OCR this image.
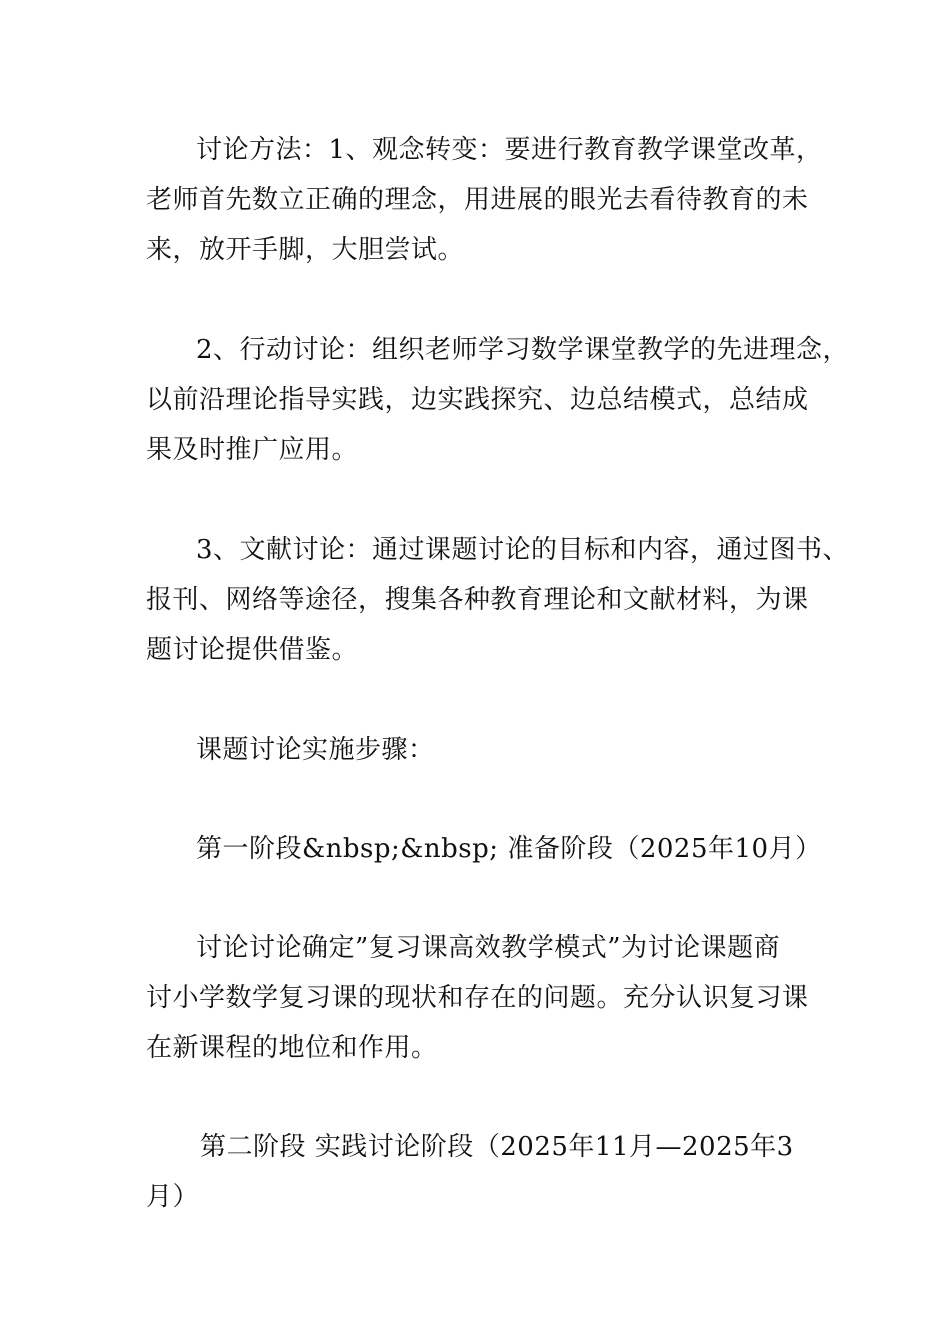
讨论方法：1、观念转变：要进行教育教学课堂改革，
老师首先数立正确的理念，用进展的眼光去看待教育的未
来，放开手脚，大胆尝试。
2、行动讨论：组织老师学习数学课堂教学的先进理念，
以前沿理论指导实践，边实践探究、边总结模式，总结成
果及时推广应用。
3、文献讨论：通过课题讨论的目标和内容，通过图书、
报刊、网络等途径，搜集各种教育理论和文献材料，为课
题讨论提供借鉴。
课题讨论实施步骤：
第一阶段&nbsp;&nbsp; 准备阶段（2025年10月）
讨论讨论确定”复习课高效教学模式”为讨论课题商
讨小学数学复习课的现状和存在的问题。充分认识复习课
在新课程的地位和作用。
第二阶段 实践讨论阶段（2025年11月—2025年3
月）
